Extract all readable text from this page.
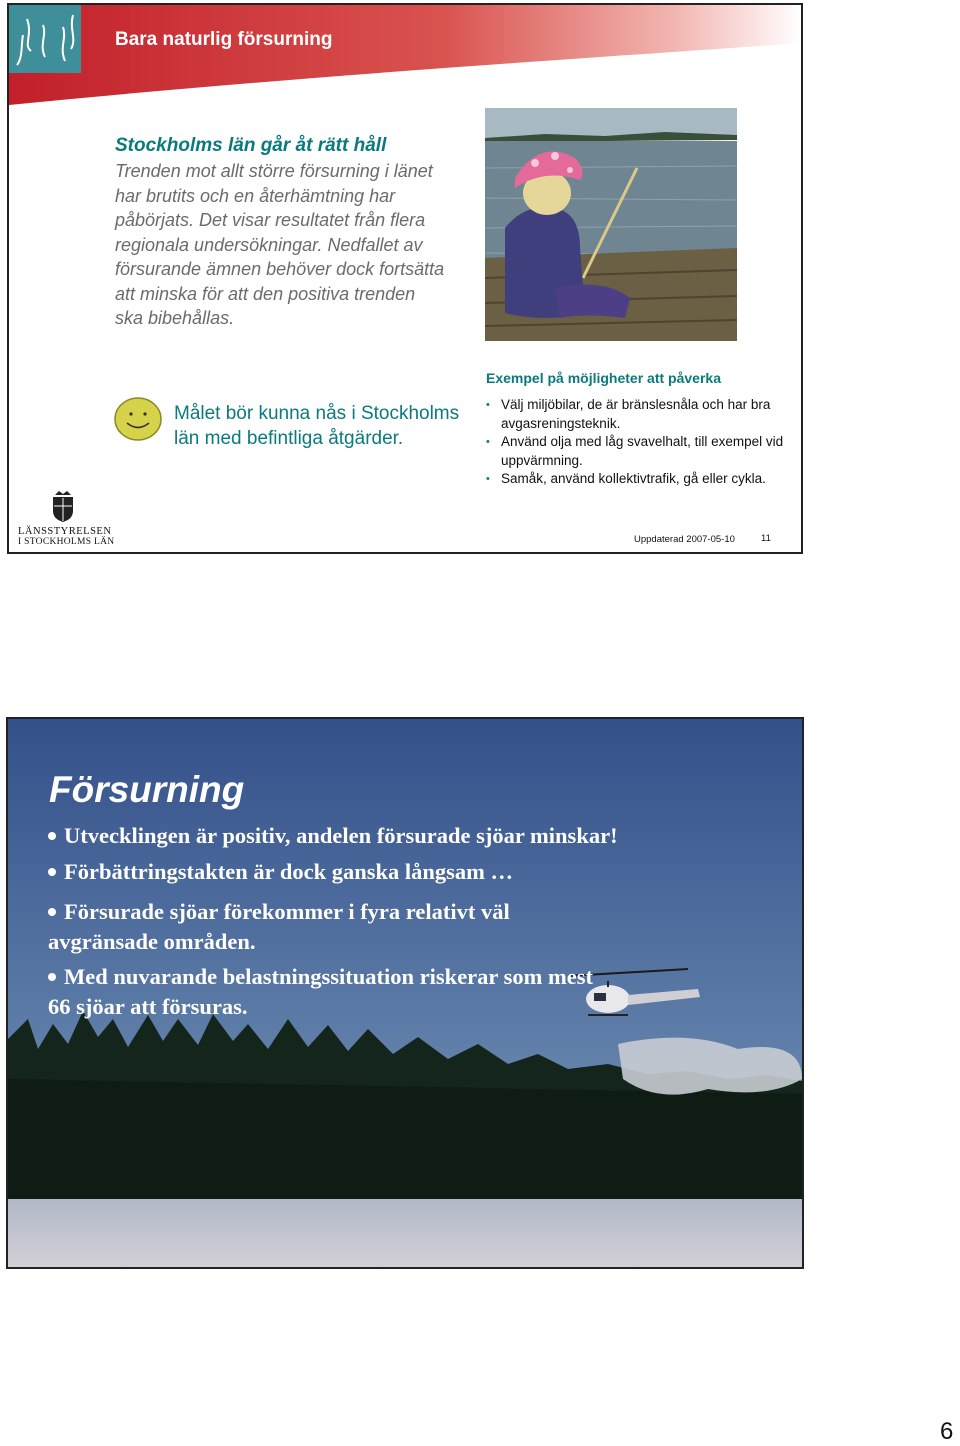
Bara naturlig försurning
Stockholms län går åt rätt håll
Trenden mot allt större försurning i länet har brutits och en återhämtning har påbörjats. Det visar resultatet från flera regionala undersökningar. Nedfallet av försurande ämnen behöver dock fortsätta att minska för att den positiva trenden ska bibehållas.
Målet bör kunna nås i Stockholms län med befintliga åtgärder.
Exempel på möjligheter att påverka
• Välj miljöbilar, de är bränslesnåla och har bra avgasreningsteknik.
• Använd olja med låg svavelhalt, till exempel vid uppvärmning.
• Samåk, använd kollektivtrafik, gå eller cykla.
LÄNSSTYRELSEN
I STOCKHOLMS LÄN	Uppdaterad 2007-05-10	11
Försurning
Utvecklingen är positiv, andelen försurade sjöar minskar!
Förbättringstakten är dock ganska långsam …
Försurade sjöar förekommer i fyra relativt väl avgränsade områden.
Med nuvarande belastningssituation riskerar som mest 66 sjöar att försuras.
6
